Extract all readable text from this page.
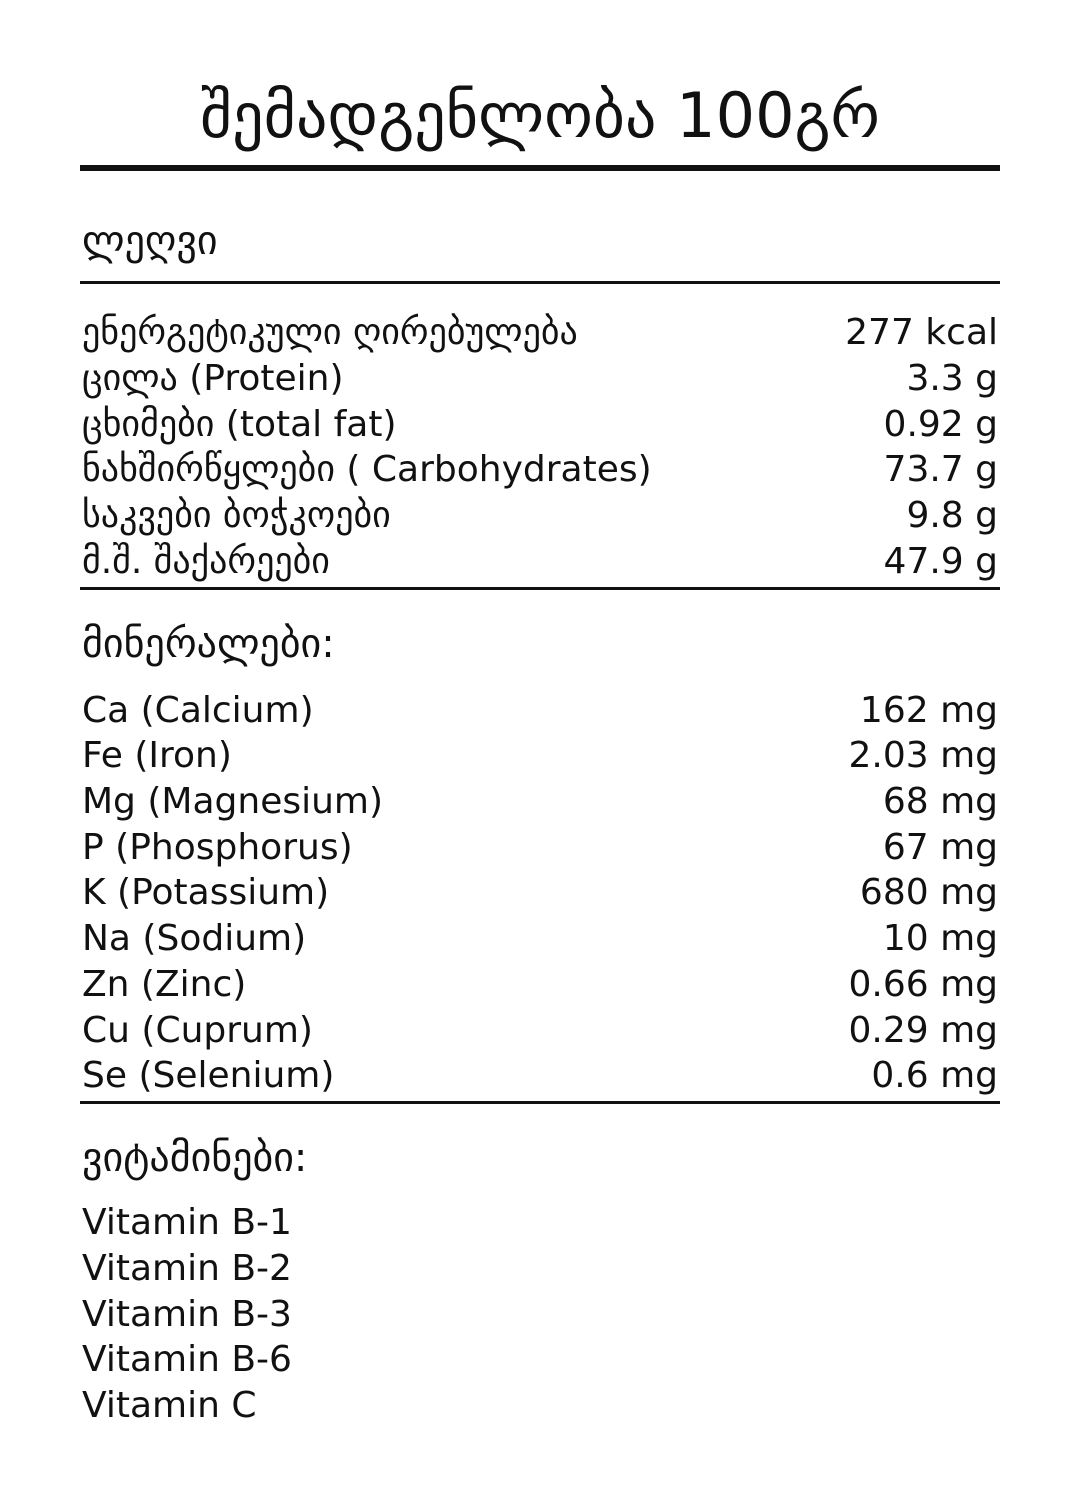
შემადგენლობა 100გრ
ლეღვი
ენერგეტიკული ღირებულება	277 kcal
ცილა (Protein)	3.3 g
ცხიმები (total fat)	0.92 g
ნახშირწყლები ( Carbohydrates)	73.7 g
საკვები ბოჭკოები	9.8 g
მ.შ. შაქარეები	47.9 g
მინერალები:
Ca (Calcium)	162 mg
Fe (Iron)	2.03 mg
Mg (Magnesium)	68 mg
P (Phosphorus)	67 mg
K (Potassium)	680 mg
Na (Sodium)	10 mg
Zn (Zinc)	0.66 mg
Cu (Cuprum)	0.29 mg
Se (Selenium)	0.6 mg
ვიტამინები:
Vitamin B-1
Vitamin B-2
Vitamin B-3
Vitamin B-6
Vitamin C
